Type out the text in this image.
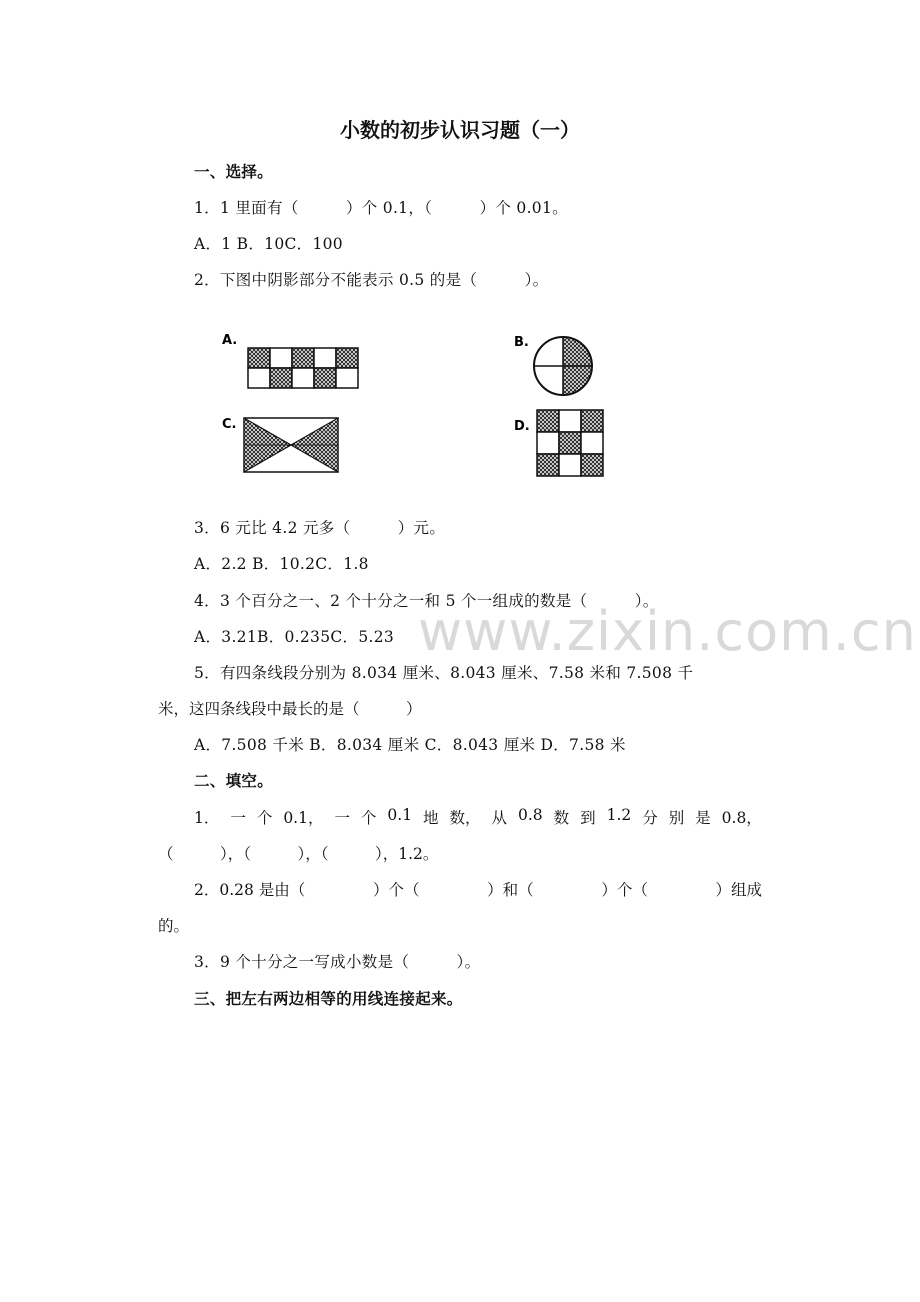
www.zixin.com.cn
小数的初步认识习题（一）
一、选择。
1．1 里面有（　　　）个 0.1，（　　　）个 0.01。
A．1 B．10C．100
2．下图中阴影部分不能表示 0.5 的是（　　　）。
A.	B.
C.	D.
3．6 元比 4.2 元多（　　　）元。
A．2.2 B．10.2C．1.8
4．3 个百分之一、2 个十分之一和 5 个一组成的数是（　　　）。
A．3.21B．0.235C．5.23
5．有四条线段分别为 8.034 厘米、8.043 厘米、7.58 米和 7.508 千
米，这四条线段中最长的是（　　　）
A．7.508 千米 B．8.034 厘米 C．8.043 厘米 D．7.58 米
二、填空。
1． 一 个 0.1， 一 个 0.1 地 数， 从 0.8 数 到 1.2 分 别 是 0.8，
（　　　），（　　　），（　　　），1.2。
2．0.28 是由（	）个（	）和（	）个（	）组成
的。
3．9 个十分之一写成小数是（　　　）。
三、把左右两边相等的用线连接起来。
